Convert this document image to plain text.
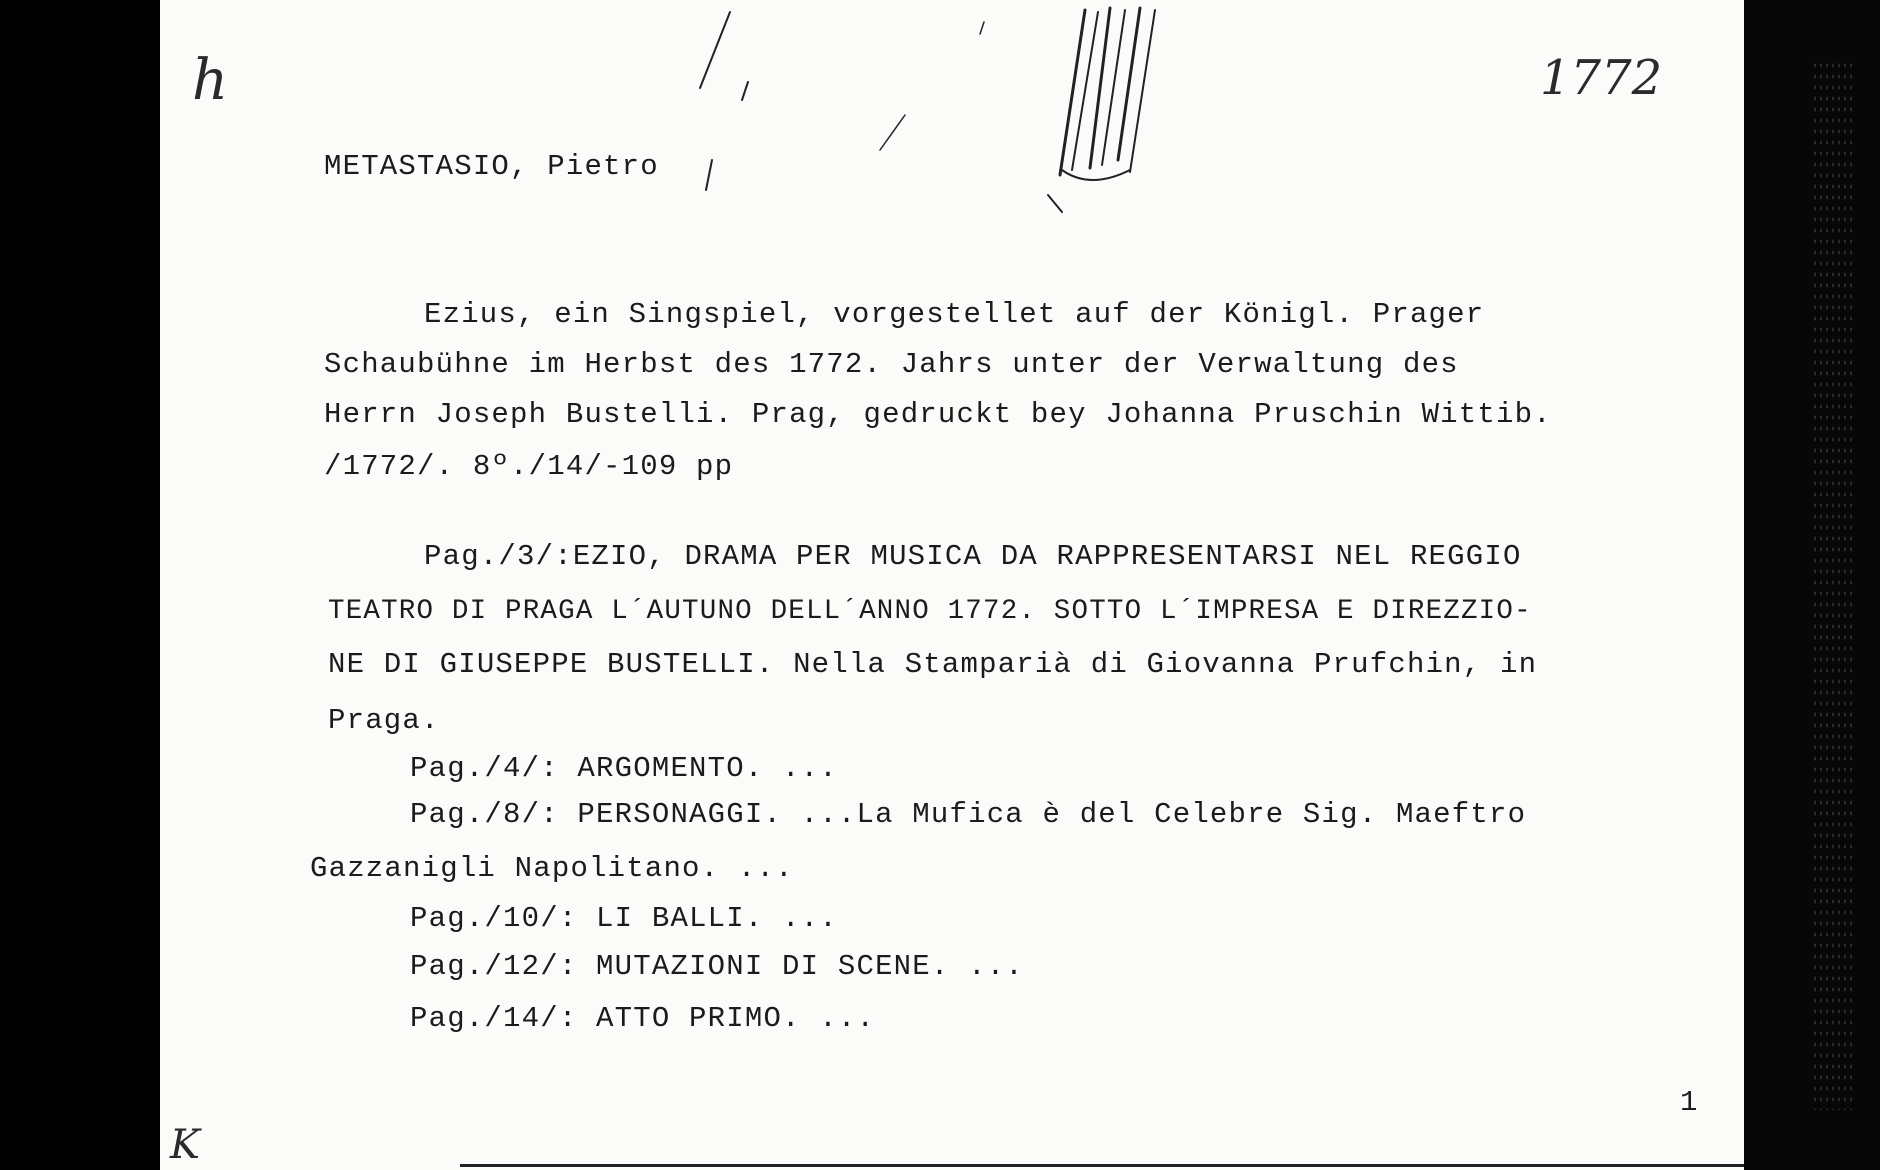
h	1772
K
METASTASIO, Pietro
Ezius, ein Singspiel, vorgestellet auf der Königl. Prager
Schaubühne im Herbst des 1772. Jahrs unter der Verwaltung des
Herrn Joseph Bustelli. Prag, gedruckt bey Johanna Pruschin Wittib.
/1772/. 8º./14/-109 pp
Pag./3/:EZIO, DRAMA PER MUSICA DA RAPPRESENTARSI NEL REGGIO
TEATRO DI PRAGA L´AUTUNO DELL´ANNO 1772. SOTTO L´IMPRESA E DIREZZIO-
NE DI GIUSEPPE BUSTELLI. Nella Stamparià di Giovanna Prufchin, in
Praga.
Pag./4/: ARGOMENTO. ...
Pag./8/: PERSONAGGI. ...La Mufica è del Celebre Sig. Maeftro
Gazzanigli Napolitano. ...
Pag./10/: LI BALLI. ...
Pag./12/: MUTAZIONI DI SCENE. ...
Pag./14/: ATTO PRIMO. ...
1
